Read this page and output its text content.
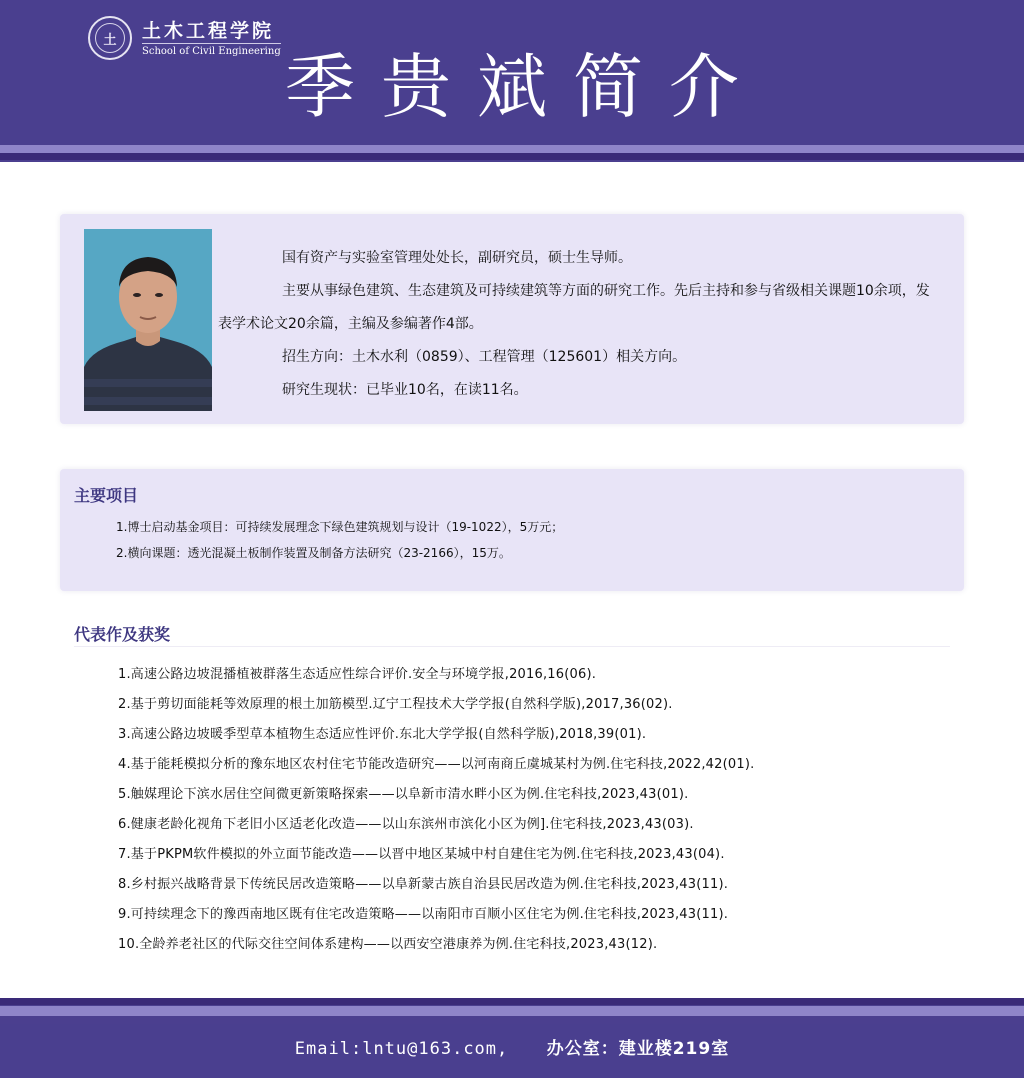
土	土木工程学院
School of Civil Engineering 季贵斌简介

国有资产与实验室管理处处长，副研究员，硕士生导师。

主要从事绿色建筑、生态建筑及可持续建筑等方面的研究工作。先后主持和参与省级相关课题10余项，发表学术论文20余篇，主编及参编著作4部。

招生方向：土木水利（0859）、工程管理（125601）相关方向。

研究生现状：已毕业10名，在读11名。

主要项目
1.博士启动基金项目：可持续发展理念下绿色建筑规划与设计（19-1022），5万元；
2.横向课题：透光混凝土板制作装置及制备方法研究（23-2166），15万。
代表作及获奖
1.高速公路边坡混播植被群落生态适应性综合评价.安全与环境学报,2016,16(06).
2.基于剪切面能耗等效原理的根土加筋模型.辽宁工程技术大学学报(自然科学版),2017,36(02).
3.高速公路边坡暖季型草本植物生态适应性评价.东北大学学报(自然科学版),2018,39(01).
4.基于能耗模拟分析的豫东地区农村住宅节能改造研究——以河南商丘虞城某村为例.住宅科技,2022,42(01).
5.触媒理论下滨水居住空间微更新策略探索——以阜新市清水畔小区为例.住宅科技,2023,43(01).
6.健康老龄化视角下老旧小区适老化改造——以山东滨州市滨化小区为例].住宅科技,2023,43(03).
7.基于PKPM软件模拟的外立面节能改造——以晋中地区某城中村自建住宅为例.住宅科技,2023,43(04).
8.乡村振兴战略背景下传统民居改造策略——以阜新蒙古族自治县民居改造为例.住宅科技,2023,43(11).
9.可持续理念下的豫西南地区既有住宅改造策略——以南阳市百顺小区住宅为例.住宅科技,2023,43(11).
10.全龄养老社区的代际交往空间体系建构——以西安空港康养为例.住宅科技,2023,43(12).
Email:lntu@163.com, 办公室：建业楼219室
